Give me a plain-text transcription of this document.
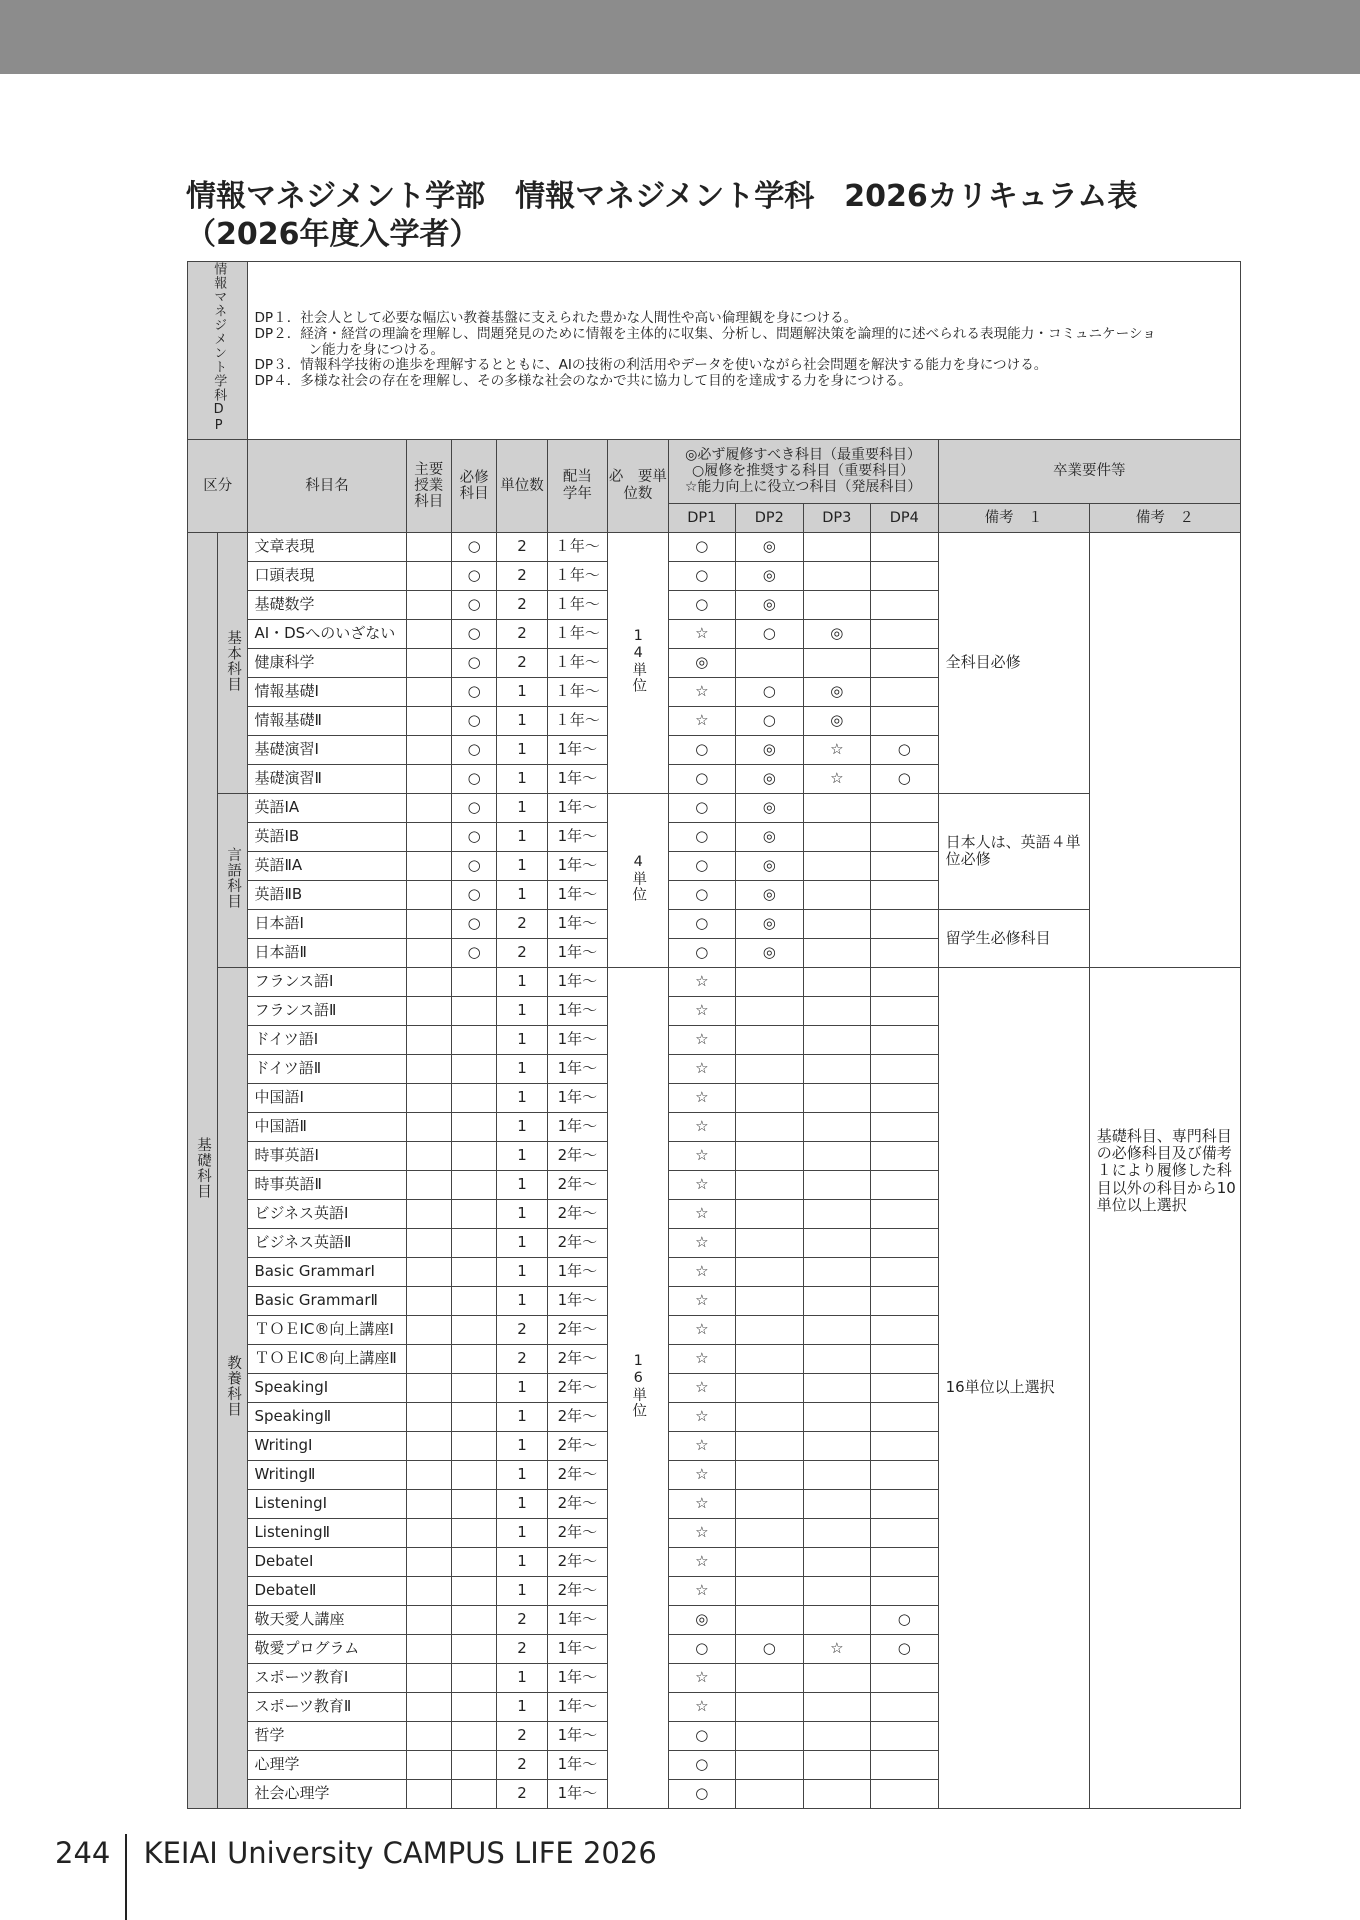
情報マネジメント学部　情報マネジメント学科　2026カリキュラム表（2026年度入学者）
情報マネジメント学科DP		DP１．社会人として必要な幅広い教養基盤に支えられた豊かな人間性や高い倫理観を身につける。
DP２．経済・経営の理論を理解し、問題発見のために情報を主体的に収集、分析し、問題解決策を論理的に述べられる表現能力・コミュニケーショ
ン能力を身につける。
DP３．情報科学技術の進歩を理解するとともに、AIの技術の利活用やデータを使いながら社会問題を解決する能力を身につける。
DP４．多様な社会の存在を理解し、その多様な社会のなかで共に協力して目的を達成する力を身につける。											

区分		科目名	主要授業科目	必修科目	単位数	配当学年	必　要単位数	◎必ず履修すべき科目（最重要科目）
○履修を推奨する科目（重要科目）
☆能力向上に役立つ科目（発展科目）				卒業要件等	
								DP1	DP2	DP3	DP4	備考　１	備考　２
基礎科目	基本科目	文章表現		○	2	１年～	14単位	○	◎			全科目必修	
		口頭表現		○	2	１年～		○	◎				
		基礎数学		○	2	１年～		○	◎				
		AI・DSへのいざない		○	2	１年～		☆	○	◎			
		健康科学		○	2	１年～		◎					
		情報基礎Ⅰ		○	1	１年～		☆	○	◎			
		情報基礎Ⅱ		○	1	１年～		☆	○	◎			
		基礎演習Ⅰ		○	1	1年～		○	◎	☆	○		
		基礎演習Ⅱ		○	1	1年～		○	◎	☆	○		
	言語科目	英語ⅠA		○	1	1年～	4単位	○	◎			日本人は、英語４単位必修	
		英語ⅠB		○	1	1年～		○	◎				
		英語ⅡA		○	1	1年～		○	◎				
		英語ⅡB		○	1	1年～		○	◎				
		日本語Ⅰ		○	2	1年～		○	◎			留学生必修科目	
		日本語Ⅱ		○	2	1年～		○	◎				
	教養科目	フランス語Ⅰ			1	1年～	16単位	☆				16単位以上選択	基礎科目、専門科目の必修科目及び備考１により履修した科目以外の科目から10単位以上選択
		フランス語Ⅱ			1	1年～		☆					
		ドイツ語Ⅰ			1	1年～		☆					
		ドイツ語Ⅱ			1	1年～		☆					
		中国語Ⅰ			1	1年～		☆					
		中国語Ⅱ			1	1年～		☆					
		時事英語Ⅰ			1	2年～		☆					
		時事英語Ⅱ			1	2年～		☆					
		ビジネス英語Ⅰ			1	2年～		☆					
		ビジネス英語Ⅱ			1	2年～		☆					
		Basic GrammarⅠ			1	1年～		☆					
		Basic GrammarⅡ			1	1年～		☆					
		ＴＯＥIC®向上講座Ⅰ			2	2年～		☆					
		ＴＯＥIC®向上講座Ⅱ			2	2年～		☆					
		SpeakingⅠ			1	2年～		☆					
		SpeakingⅡ			1	2年～		☆					
		WritingⅠ			1	2年～		☆					
		WritingⅡ			1	2年～		☆					
		ListeningⅠ			1	2年～		☆					
		ListeningⅡ			1	2年～		☆					
		DebateⅠ			1	2年～		☆					
		DebateⅡ			1	2年～		☆					
		敬天愛人講座			2	1年～		◎			○		
		敬愛プログラム			2	1年～		○	○	☆	○		
		スポーツ教育Ⅰ			1	1年～		☆					
		スポーツ教育Ⅱ			1	1年～		☆					
		哲学			2	1年～		○					
		心理学			2	1年～		○					
		社会心理学			2	1年～		○					
244 KEIAI University CAMPUS LIFE 2026
